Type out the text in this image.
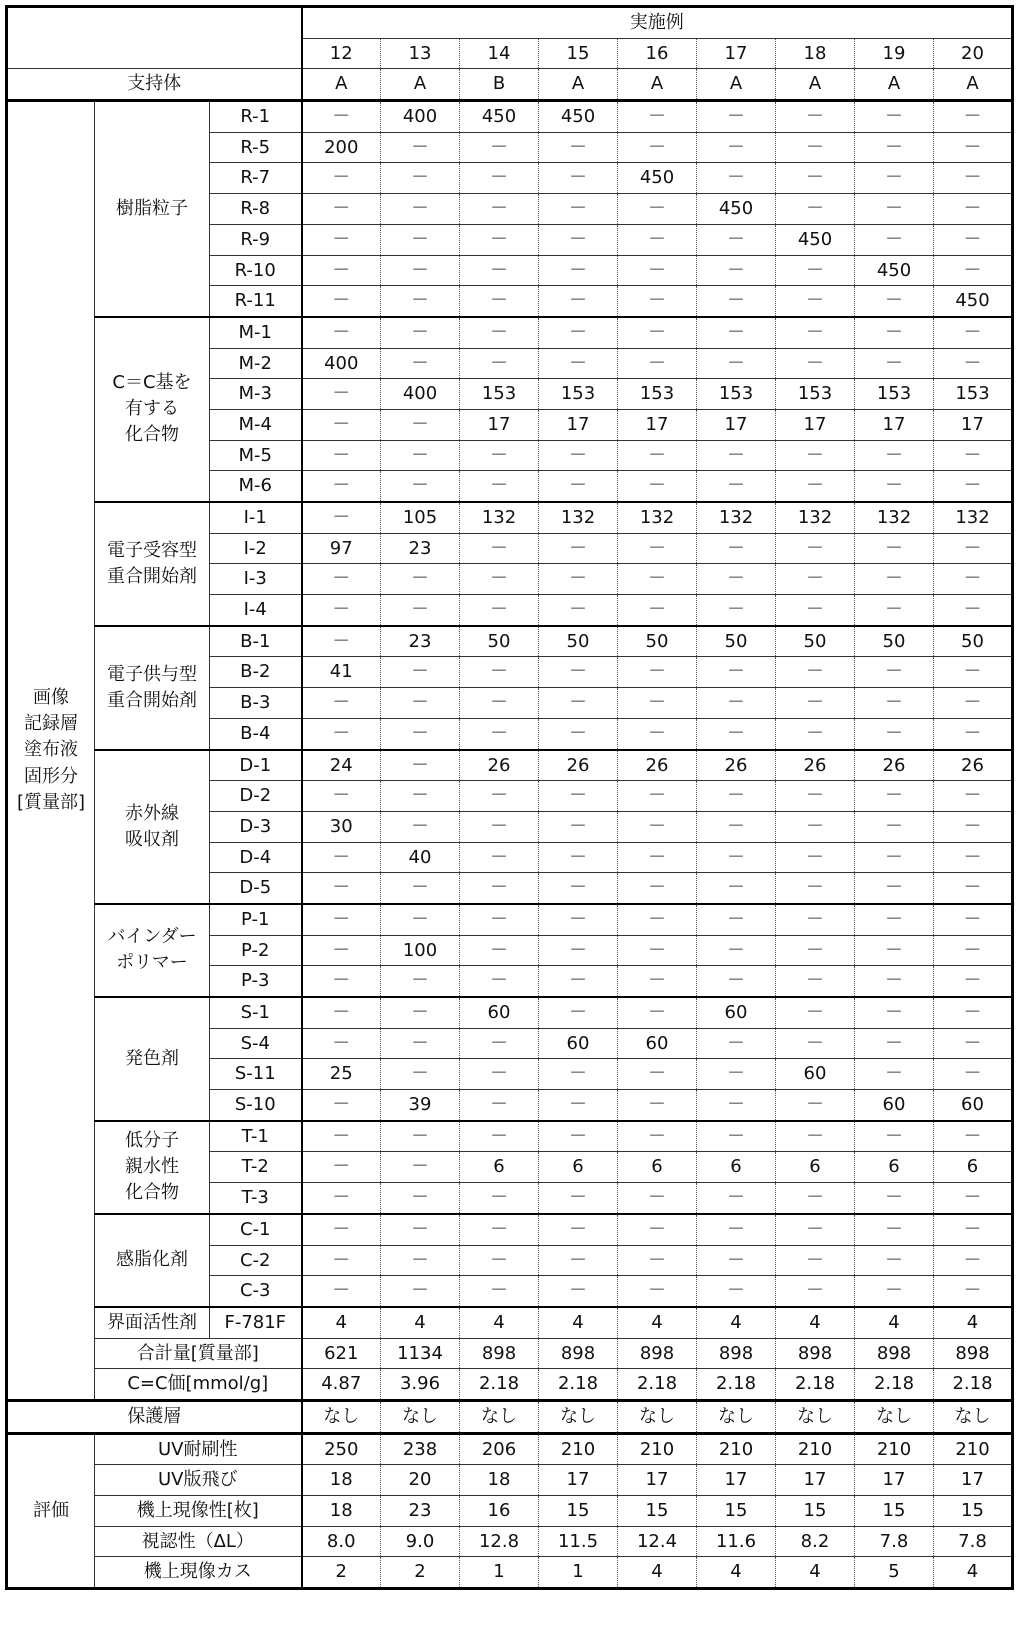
	実施例
12	13	14	15	16	17	18	19	20
支持体	A	A	B	A	A	A	A	A	A

画像
記録層
塗布液
固形分
[質量部]

樹脂粒子
	R-1	－	400	450	450	－	－	－	－	－
R-5	200	－	－	－	－	－	－	－	－
R-7	－	－	－	－	450	－	－	－	－
R-8	－	－	－	－	－	450	－	－	－
R-9	－	－	－	－	－	－	450	－	－
R-10	－	－	－	－	－	－	－	450	－
R-11	－	－	－	－	－	－	－	－	450

C＝C基を
有する
化合物
	M-1	－	－	－	－	－	－	－	－	－
M-2	400	－	－	－	－	－	－	－	－
M-3	－	400	153	153	153	153	153	153	153
M-4	－	－	17	17	17	17	17	17	17
M-5	－	－	－	－	－	－	－	－	－
M-6	－	－	－	－	－	－	－	－	－

電子受容型
重合開始剤
	I-1	－	105	132	132	132	132	132	132	132
I-2	97	23	－	－	－	－	－	－	－
I-3	－	－	－	－	－	－	－	－	－
I-4	－	－	－	－	－	－	－	－	－

電子供与型
重合開始剤
	B-1	－	23	50	50	50	50	50	50	50
B-2	41	－	－	－	－	－	－	－	－
B-3	－	－	－	－	－	－	－	－	－
B-4	－	－	－	－	－	－	－	－	－

赤外線
吸収剤
	D-1	24	－	26	26	26	26	26	26	26
D-2	－	－	－	－	－	－	－	－	－
D-3	30	－	－	－	－	－	－	－	－
D-4	－	40	－	－	－	－	－	－	－
D-5	－	－	－	－	－	－	－	－	－

バインダー
ポリマー
	P-1	－	－	－	－	－	－	－	－	－
P-2	－	100	－	－	－	－	－	－	－
P-3	－	－	－	－	－	－	－	－	－

発色剤
	S-1	－	－	60	－	－	60	－	－	－
S-4	－	－	－	60	60	－	－	－	－
S-11	25	－	－	－	－	－	60	－	－
S-10	－	39	－	－	－	－	－	60	60

低分子
親水性
化合物
	T-1	－	－	－	－	－	－	－	－	－
T-2	－	－	6	6	6	6	6	6	6
T-3	－	－	－	－	－	－	－	－	－

感脂化剤
	C-1	－	－	－	－	－	－	－	－	－
C-2	－	－	－	－	－	－	－	－	－
C-3	－	－	－	－	－	－	－	－	－

界面活性剤	F-781F	4	4	4	4	4	4	4	4	4
合計量[質量部]	621	1134	898	898	898	898	898	898	898
C=C価[mmol/g]	4.87	3.96	2.18	2.18	2.18	2.18	2.18	2.18	2.18
保護層	なし	なし	なし	なし	なし	なし	なし	なし	なし
評価	UV耐刷性	250	238	206	210	210	210	210	210	210
UV版飛び	18	20	18	17	17	17	17	17	17
機上現像性[枚]	18	23	16	15	15	15	15	15	15
視認性（ΔL）	8.0	9.0	12.8	11.5	12.4	11.6	8.2	7.8	7.8
機上現像カス	2	2	1	1	4	4	4	5	4
